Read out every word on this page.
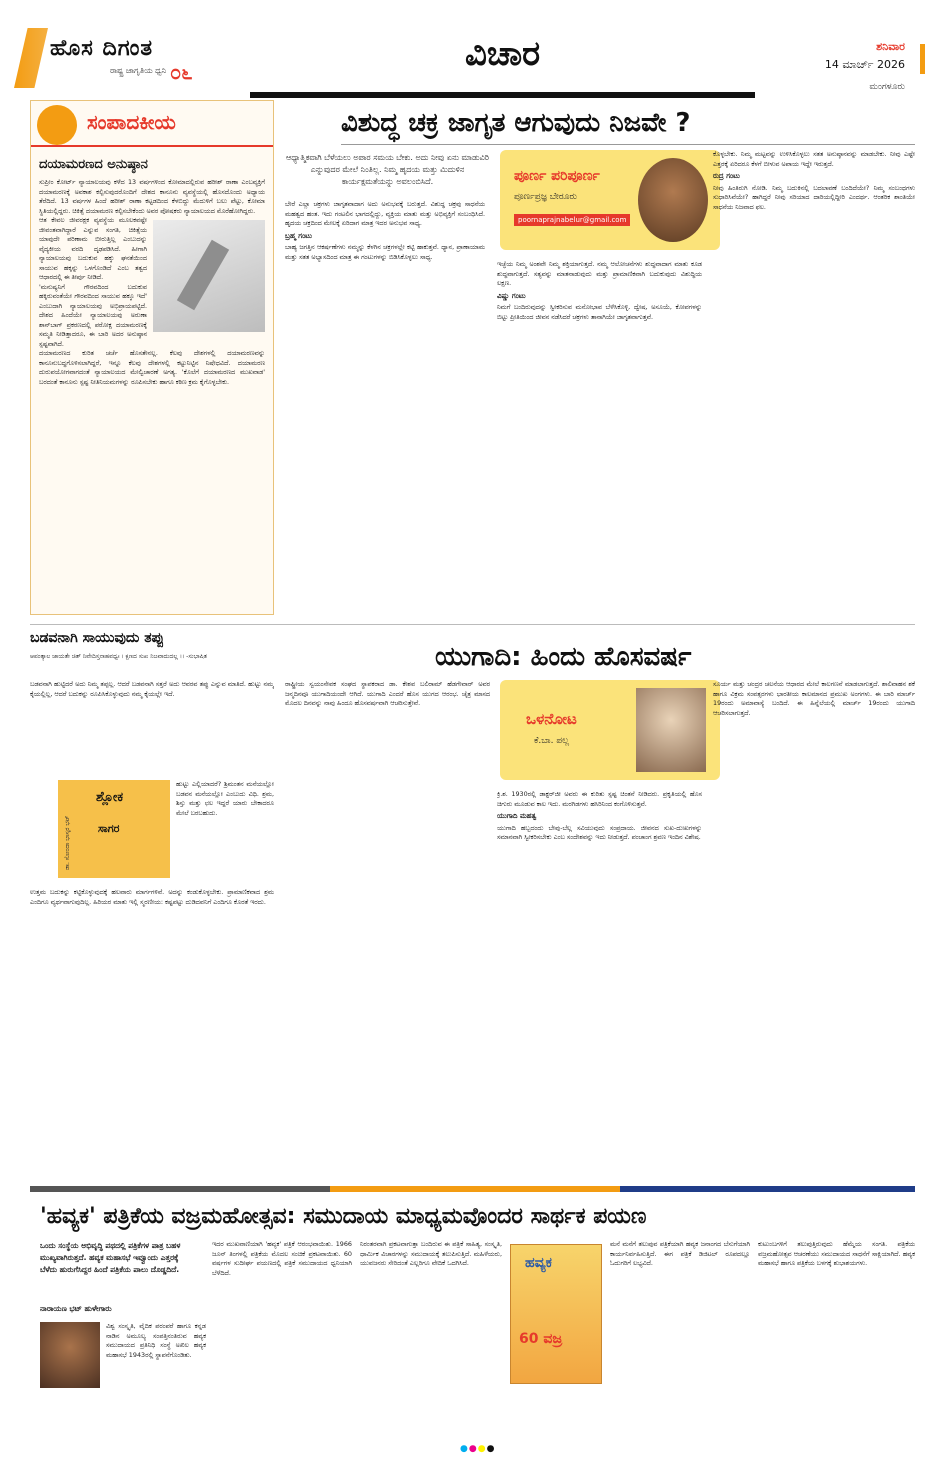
ಹೊಸ ದಿಗಂತ
ರಾಷ್ಟ್ರ ಜಾಗೃತಿಯ ಧ್ವನಿ ೦೬	ವಿಚಾರ	ಶನಿವಾರ
14 ಮಾರ್ಚ್ 2026
ಮಂಗಳೂರು
ಸಂಪಾದಕೀಯ
ದಯಾಮರಣದ ಅನುಷ್ಠಾನ

ಸುಪ್ರೀಂ ಕೋರ್ಟ್ ನ್ಯಾಯಾಲಯವು ಕಳೆದ 13 ವರ್ಷಗಳಿಂದ ಕೋಮಾದಲ್ಲಿರುವ ಹರೀಶ್ ರಾಣಾ ಎಂಬವ್ಯಕ್ತಿಗೆ ದಯಾಮರಣಕ್ಕೆ ಅವಕಾಶ ಕಲ್ಪಿಸುವುದರೊಂದಿಗೆ ದೇಶದ ಕಾನೂನು ವ್ಯವಸ್ಥೆಯಲ್ಲಿ ಹೊಸದೊಂದು ಅಧ್ಯಾಯ ತೆರೆದಿದೆ. 13 ವರ್ಷಗಳ ಹಿಂದೆ ಹರೀಶ್ ರಾಣಾ ಕಟ್ಟಡದಿಂದ ಕೆಳಬಿದ್ದು ಮೆದುಳಿಗೆ ಬಲು ಪೆಟ್ಟು, ಕೋಮಾ ಸ್ಥಿತಿಯಲ್ಲಿದ್ದರು. ಚಿಕಿತ್ಸೆ ದಯಾಮರಣ ಕಲ್ಪಿಸಬೇಕೆಂದು ಅವರ ಪೋಷಕರು ನ್ಯಾಯಾಲಯದ ಮೊರೆಹೋಗಿದ್ದರು.

ಆತ ಕೇವಲ ಜೀವರಕ್ಷಕ ವ್ಯವಸ್ಥೆಯ ಮೂಲಕವಷ್ಟೇ ಜೀವಂತವಾಗಿದ್ದಾರೆ ಎನ್ನುವ ಸಂಗತಿ, ಚಿಕಿತ್ಸೆಯ ಯಾವುದೇ ಪರಿಣಾಮ ಬೀರುತ್ತಿಲ್ಲ ಎಂಬುದನ್ನು ವೈದ್ಯಕೀಯ ವರದಿ ದೃಢಪಡಿಸಿದೆ. ಹೀಗಾಗಿ ನ್ಯಾಯಾಲಯವು ಬದುಕುವ ಹಕ್ಕು ಘನತೆಯಿಂದ ಸಾಯುವ ಹಕ್ಕನ್ನು ಒಳಗೊಂಡಿದೆ ಎಂಬ ತತ್ವದ ಆಧಾರದಲ್ಲಿ ಈ ತೀರ್ಪು ನೀಡಿದೆ.

'ಮನುಷ್ಯನಿಗೆ ಗೌರವದಿಂದ ಬದುಕುವ ಹಕ್ಕಿರುವಂತೆಯೇ ಗೌರವದಿಂದ ಸಾಯುವ ಹಕ್ಕೂ ಇದೆ' ಎಂಬುದಾಗಿ ನ್ಯಾಯಾಲಯವು ಅಭಿಪ್ರಾಯಪಟ್ಟಿದೆ. ದೇಶದ ಹಿಂದೆಯೇ ನ್ಯಾಯಾಲಯವು ಅರುಣಾ ಶಾನ್‌ಬಾಗ್ ಪ್ರಕರಣದಲ್ಲಿ ಪರೋಕ್ಷ ದಯಾಮರಣಕ್ಕೆ ಸಮ್ಮತಿ ನೀಡಿತ್ತಾದರೂ, ಈ ಬಾರಿ ಅದರ ಅನುಷ್ಠಾನ ಸ್ಪಷ್ಟವಾಗಿದೆ.

ದಯಾಮರಣದ ಕುರಿತ ಚರ್ಚೆ ಹೊಸತೇನಲ್ಲ. ಕೆಲವು ದೇಶಗಳಲ್ಲಿ ದಯಾಮರಣವನ್ನು ಕಾನೂನುಬದ್ಧಗೊಳಿಸಲಾಗಿದ್ದರೆ, ಇನ್ನೂ ಕೆಲವು ದೇಶಗಳಲ್ಲಿ ಕಟ್ಟುನಿಟ್ಟಿನ ನಿಷೇಧವಿದೆ. ದಯಾಮರಣ ದುರುಪಯೋಗವಾಗದಂತೆ ನ್ಯಾಯಾಲಯದ ಮೇಲ್ವಿಚಾರಣೆ ಅಗತ್ಯ. 'ಕೊಲೆಗೆ ದಯಾಮರಣದ ಮುಖವಾಡ' ಬರದಂತೆ ಕಾನೂನು ಸ್ಪಷ್ಟ ನೀತಿನಿಯಮಗಳನ್ನು ರೂಪಿಸಬೇಕು ಹಾಗೂ ಕಠಿಣ ಕ್ರಮ ಕೈಗೊಳ್ಳಬೇಕು.

ವಿಶುದ್ಧ ಚಕ್ರ ಜಾಗೃತ ಆಗುವುದು ನಿಜವೇ ?
ಆಧ್ಯಾತ್ಮಿಕವಾಗಿ ಬೆಳೆಯಲು ಅಪಾರ ಸಮಯ ಬೇಕು. ಅದು ನೀವು ಏನು ಮಾಡುವಿರಿ ಎನ್ನುವುದರ ಮೇಲೆ ನಿಂತಿಲ್ಲ. ನಿಮ್ಮ ಹೃದಯ ಮತ್ತು ಮಿದುಳಿನ ಕಾರ್ಯಕ್ಷಮತೆಯನ್ನು ಅವಲಂಬಿಸಿದೆ.	ಪೂರ್ಣ ಪರಿಪೂರ್ಣ
ಪೂರ್ಣಪ್ರಜ್ಞ ಬೇರೂರು
poornaprajnabelur@gmail.com
ಬೇರೆ ಎಲ್ಲಾ ಚಕ್ರಗಳು ಜಾಗೃತವಾದಾಗ ಅದು ಅನುಭವಕ್ಕೆ ಬರುತ್ತದೆ. ವಿಶುದ್ಧ ಚಕ್ರವು ಸಾಧನೆಯ ಮಹತ್ವದ ಹಂತ. ಇದು ಗಂಟಲಿನ ಭಾಗದಲ್ಲಿದ್ದು, ವ್ಯಕ್ತಿಯ ಮಾತು ಮತ್ತು ಅಭಿವ್ಯಕ್ತಿಗೆ ಸಂಬಂಧಿಸಿದೆ. ಹೃದಯ ಚಕ್ರದಿಂದ ಮೇಲಕ್ಕೆ ಏರಿದಾಗ ಮಾತ್ರ ಇದರ ಅನುಭವ ಸಾಧ್ಯ.
ಬ್ರಹ್ಮ ಗಂಟು
ಬಾಹ್ಯ ಜಗತ್ತಿನ ಆಕರ್ಷಣೆಗಳು ನಮ್ಮನ್ನು ಕೆಳಗಿನ ಚಕ್ರಗಳಲ್ಲೇ ಕಟ್ಟಿ ಹಾಕುತ್ತವೆ. ಧ್ಯಾನ, ಪ್ರಾಣಾಯಾಮ ಮತ್ತು ಸತತ ಅಭ್ಯಾಸದಿಂದ ಮಾತ್ರ ಈ ಗಂಟುಗಳನ್ನು ಬಿಡಿಸಿಕೊಳ್ಳಲು ಸಾಧ್ಯ.
ಇಚ್ಛೆಯ ನಿಮ್ಮ ಅಂಶವೇ ನಿಮ್ಮ ಶಕ್ತಿಯಾಗುತ್ತದೆ. ನಮ್ಮ ಆಲೋಚನೆಗಳು ಶುದ್ಧವಾದಾಗ ಮಾತು ಕೂಡ ಶುದ್ಧವಾಗುತ್ತದೆ. ಸತ್ಯವನ್ನು ಮಾತನಾಡುವುದು ಮತ್ತು ಪ್ರಾಮಾಣಿಕವಾಗಿ ಬದುಕುವುದು ವಿಶುದ್ಧಿಯ ಲಕ್ಷಣ.
ವಿಷ್ಣು ಗಂಟು
ನಿಮಗೆ ಬಂದಿರುವುದನ್ನು ಸ್ವೀಕರಿಸುವ ಮನೋಭಾವ ಬೆಳೆಸಿಕೊಳ್ಳಿ. ದ್ವೇಷ, ಅಸೂಯೆ, ಕೋಪಗಳನ್ನು ಬಿಟ್ಟು ಪ್ರೀತಿಯಿಂದ ಜೀವನ ನಡೆಸಿದರೆ ಚಕ್ರಗಳು ತಾನಾಗಿಯೇ ಜಾಗೃತವಾಗುತ್ತವೆ.
ಕೊಳ್ಳಬೇಕು. ನಿಮ್ಮ ಮಟ್ಟವನ್ನು ಉಳಿಸಿಕೊಳ್ಳಲು ಸತತ ಅನುಷ್ಠಾನವನ್ನು ಮಾಡಬೇಕು. ನೀವು ಎಷ್ಟೇ ಎತ್ತರಕ್ಕೆ ಏರಿದರೂ ಕೆಳಗೆ ಬೀಳುವ ಅಪಾಯ ಇದ್ದೇ ಇರುತ್ತದೆ.
ರುದ್ರ ಗಂಟು
ನೀವು ಹಿಂತಿರುಗಿ ನೋಡಿ. ನಿಮ್ಮ ಬದುಕಿನಲ್ಲಿ ಬದಲಾವಣೆ ಬಂದಿದೆಯೇ? ನಿಮ್ಮ ಸಂಬಂಧಗಳು ಸುಧಾರಿಸಿವೆಯೇ? ಹಾಗಿದ್ದರೆ ನೀವು ಸರಿಯಾದ ದಾರಿಯಲ್ಲಿದ್ದೀರಿ ಎಂದರ್ಥ. ಆಂತರಿಕ ಶಾಂತಿಯೇ ಸಾಧನೆಯ ನಿಜವಾದ ಫಲ.
ಬಡವನಾಗಿ ಸಾಯುವುದು ತಪ್ಪು
ಆಪಂತ್ಕಾಲ ಜಾಯತೇ ಚಿತ್ ನಿವೇದಿಸ್ತನಾಹವಧ್ವಃ । ಕ್ಷಣದ ಸುಖ ನಿಜವಾದುದಲ್ಲ ।। -ಸುಭಾಷಿತ
ಬಡವನಾಗಿ ಹುಟ್ಟಿದರೆ ಅದು ನಿಮ್ಮ ತಪ್ಪಲ್ಲ. ಆದರೆ ಬಡವನಾಗಿ ಸತ್ತರೆ ಅದು ಆವರವ ತಪ್ಪು ಎನ್ನುವ ಮಾತಿದೆ. ಹುಟ್ಟು ನಮ್ಮ ಕೈಯಲ್ಲಿಲ್ಲ, ಆದರೆ ಬದುಕನ್ನು ರೂಪಿಸಿಕೊಳ್ಳುವುದು ನಮ್ಮ ಕೈಯಲ್ಲೇ ಇದೆ.
ಶ್ಲೋಕ
ಸಾಗರ
ಡಾ. ಸೋಂದಾ ಭಾಸ್ಕರ ಭಟ್
ಹುಟ್ಟು ಎಲ್ಲಿಯಾದರೆ? ಶ್ರಿಮಂತನ ಮನೆಯಲ್ಲೋ ಬಡವನ ಮನೆಯಲ್ಲೋ ಎಂಬುದು ವಿಧಿ. ಶ್ರಮ, ಶಿಸ್ತು ಮತ್ತು ಛಲ ಇದ್ದರೆ ಯಾರು ಬೇಕಾದರೂ ಮೇಲೆ ಬರಬಹುದು.
ಉತ್ತಮ ಬದುಕನ್ನು ಕಟ್ಟಿಕೊಳ್ಳುವುದಕ್ಕೆ ಹಲವಾರು ಮಾರ್ಗಗಳಿವೆ. ಅದನ್ನು ಕಂಡುಕೊಳ್ಳಬೇಕು. ಪ್ರಾಮಾಣಿಕವಾದ ಶ್ರಮ ಎಂದಿಗೂ ವ್ಯರ್ಥವಾಗುವುದಿಲ್ಲ. ಹಿರಿಯರ ಮಾತು ಇಲ್ಲಿ ಸ್ಮರಣೀಯ: ಕಷ್ಟಪಟ್ಟು ದುಡಿದವನಿಗೆ ಎಂದಿಗೂ ಕೊರತೆ ಇರದು.
ಯುಗಾದಿ: ಹಿಂದು ಹೊಸವರ್ಷ
ಒಳನೋಟ
ಕೆ.ಬಾ. ಪಲ್ಲ
ರಾಷ್ಟ್ರೀಯ ಸ್ವಯಂಸೇವಕ ಸಂಘದ ಸ್ಥಾಪಕರಾದ ಡಾ. ಕೇಶವ ಬಲಿರಾಮ್ ಹೆಡಗೇವಾರ್ ಅವರ ಜನ್ಮದಿನವೂ ಯುಗಾದಿಯಂದೇ ಆಗಿದೆ. ಯುಗಾದಿ ಎಂದರೆ ಹೊಸ ಯುಗದ ಆರಂಭ. ಚೈತ್ರ ಮಾಸದ ಮೊದಲ ದಿನವನ್ನು ನಾವು ಹಿಂದೂ ಹೊಸವರ್ಷವಾಗಿ ಆಚರಿಸುತ್ತೇವೆ.
ಕ್ರಿ.ಶ. 1930ರಲ್ಲಿ ಡಾಕ್ಟರ್‌ಜೀ ಅವರು ಈ ಕುರಿತು ಸ್ಪಷ್ಟ ಚಿಂತನೆ ನೀಡಿದರು. ಪ್ರಕೃತಿಯಲ್ಲಿ ಹೊಸ ಚಿಗುರು ಮೂಡುವ ಕಾಲ ಇದು. ಮರಗಿಡಗಳು ಹಸಿರಿನಿಂದ ಕಂಗೊಳಿಸುತ್ತವೆ.
ಯುಗಾದಿ ಮಹತ್ವ
ಯುಗಾದಿ ಹಬ್ಬದಂದು ಬೇವು-ಬೆಲ್ಲ ಸವಿಯುವುದು ಸಂಪ್ರದಾಯ. ಜೀವನದ ಸುಖ-ದುಃಖಗಳನ್ನು ಸಮಾನವಾಗಿ ಸ್ವೀಕರಿಸಬೇಕು ಎಂಬ ಸಂದೇಶವನ್ನು ಇದು ನೀಡುತ್ತದೆ. ಪಂಚಾಂಗ ಶ್ರವಣ ಇಂದಿನ ವಿಶೇಷ.
ಸೂರ್ಯ ಮತ್ತು ಚಂದ್ರರ ಚಲನೆಯ ಆಧಾರದ ಮೇಲೆ ಕಾಲಗಣನೆ ಮಾಡಲಾಗುತ್ತದೆ. ಶಾಲಿವಾಹನ ಶಕೆ ಹಾಗೂ ವಿಕ್ರಮ ಸಂವತ್ಸರಗಳು ಭಾರತೀಯ ಕಾಲಮಾನದ ಪ್ರಮುಖ ಅಂಗಗಳು. ಈ ಬಾರಿ ಮಾರ್ಚ್ 19ರಂದು ಅಮಾವಾಸ್ಯೆ ಬಂದಿದೆ. ಈ ಹಿನ್ನೆಲೆಯಲ್ಲಿ ಮಾರ್ಚ್ 19ರಂದು ಯುಗಾದಿ ಆಚರಿಸಲಾಗುತ್ತದೆ.
'ಹವ್ಯಕ' ಪತ್ರಿಕೆಯ ವಜ್ರಮಹೋತ್ಸವ: ಸಮುದಾಯ ಮಾಧ್ಯಮವೊಂದರ ಸಾರ್ಥಕ ಪಯಣ
ಒಂದು ಸಂಸ್ಥೆಯ ಅಭಿವೃದ್ಧಿ ಪಥದಲ್ಲಿ ಪತ್ರಿಕೆಗಳ ಪಾತ್ರ ಬಹಳ ಮುಖ್ಯವಾಗಿರುತ್ತದೆ. ಹವ್ಯಕ ಮಹಾಸಭೆ ಇವ್ವೂಂದು ಎತ್ತರಕ್ಕೆ ಬೆಳೆದು ಹುರುಗೆಸಿದ್ದರ ಹಿಂದೆ ಪತ್ರಿಕೆಯ ಪಾಲು ದೊಡ್ಡದಿದೆ.
ನಾರಾಯಣ ಭಟ್ ಹುಳೇಗಾರು
ವಿಶ್ವ ಸಂಸ್ಕೃತಿ, ವೈದಿಕ ಪರಂಪರೆ ಹಾಗೂ ಕನ್ನಡ ನಾಡಿನ ಅಮೂಲ್ಯ ಸಂಪತ್ತಿನಂತಿರುವ ಹವ್ಯಕ ಸಮುದಾಯದ ಪ್ರತಿನಿಧಿ ಸಂಸ್ಥೆ ಅಖಿಲ ಹವ್ಯಕ ಮಹಾಸಭೆ 1943ರಲ್ಲಿ ಸ್ಥಾಪನೆಗೊಂಡಿತು.
ಇದರ ಮುಖವಾಣಿಯಾಗಿ 'ಹವ್ಯಕ' ಪತ್ರಿಕೆ ಆರಂಭವಾಯಿತು. 1966 ಜೂನ್ ತಿಂಗಳಲ್ಲಿ ಪತ್ರಿಕೆಯ ಮೊದಲ ಸಂಚಿಕೆ ಪ್ರಕಟವಾಯಿತು. 60 ವರ್ಷಗಳ ಸುದೀರ್ಘ ಪಯಣದಲ್ಲಿ ಪತ್ರಿಕೆ ಸಮುದಾಯದ ಧ್ವನಿಯಾಗಿ ಬೆಳೆದಿದೆ.
ನಿರಂತರವಾಗಿ ಪ್ರಕಟವಾಗುತ್ತಾ ಬಂದಿರುವ ಈ ಪತ್ರಿಕೆ ಸಾಹಿತ್ಯ, ಸಂಸ್ಕೃತಿ, ಧಾರ್ಮಿಕ ವಿಚಾರಗಳನ್ನು ಸಮುದಾಯಕ್ಕೆ ತಲುಪಿಸುತ್ತಿದೆ. ಮಹಿಳೆಯರು, ಯುವಜನರು ಸೇರಿದಂತೆ ಎಲ್ಲರಿಗೂ ವೇದಿಕೆ ಒದಗಿಸಿದೆ.	ಹವ್ಯಕ
60 ವಜ್ರ
ಮನೆ ಮನೆಗೆ ತಲುಪುವ ಪತ್ರಿಕೆಯಾಗಿ ಹವ್ಯಕ ಜನಾಂಗದ ಬೆಸುಗೆಯಾಗಿ ಕಾರ್ಯನಿರ್ವಹಿಸುತ್ತಿದೆ. ಈಗ ಪತ್ರಿಕೆ ಡಿಜಿಟಲ್ ರೂಪದಲ್ಲೂ ಓದುಗರಿಗೆ ಲಭ್ಯವಿದೆ.
ಕುಟುಂಬಗಳಿಗೆ ತಲುಪುತ್ತಿರುವುದು ಹೆಮ್ಮೆಯ ಸಂಗತಿ. ಪತ್ರಿಕೆಯ ವಜ್ರಮಹೋತ್ಸವ ಆಚರಣೆಯು ಸಮುದಾಯದ ಸಾಧನೆಗೆ ಸಾಕ್ಷಿಯಾಗಿದೆ. ಹವ್ಯಕ ಮಹಾಸಭೆ ಹಾಗೂ ಪತ್ರಿಕೆಯ ಬಳಗಕ್ಕೆ ಶುಭಾಶಯಗಳು.
●●●●
